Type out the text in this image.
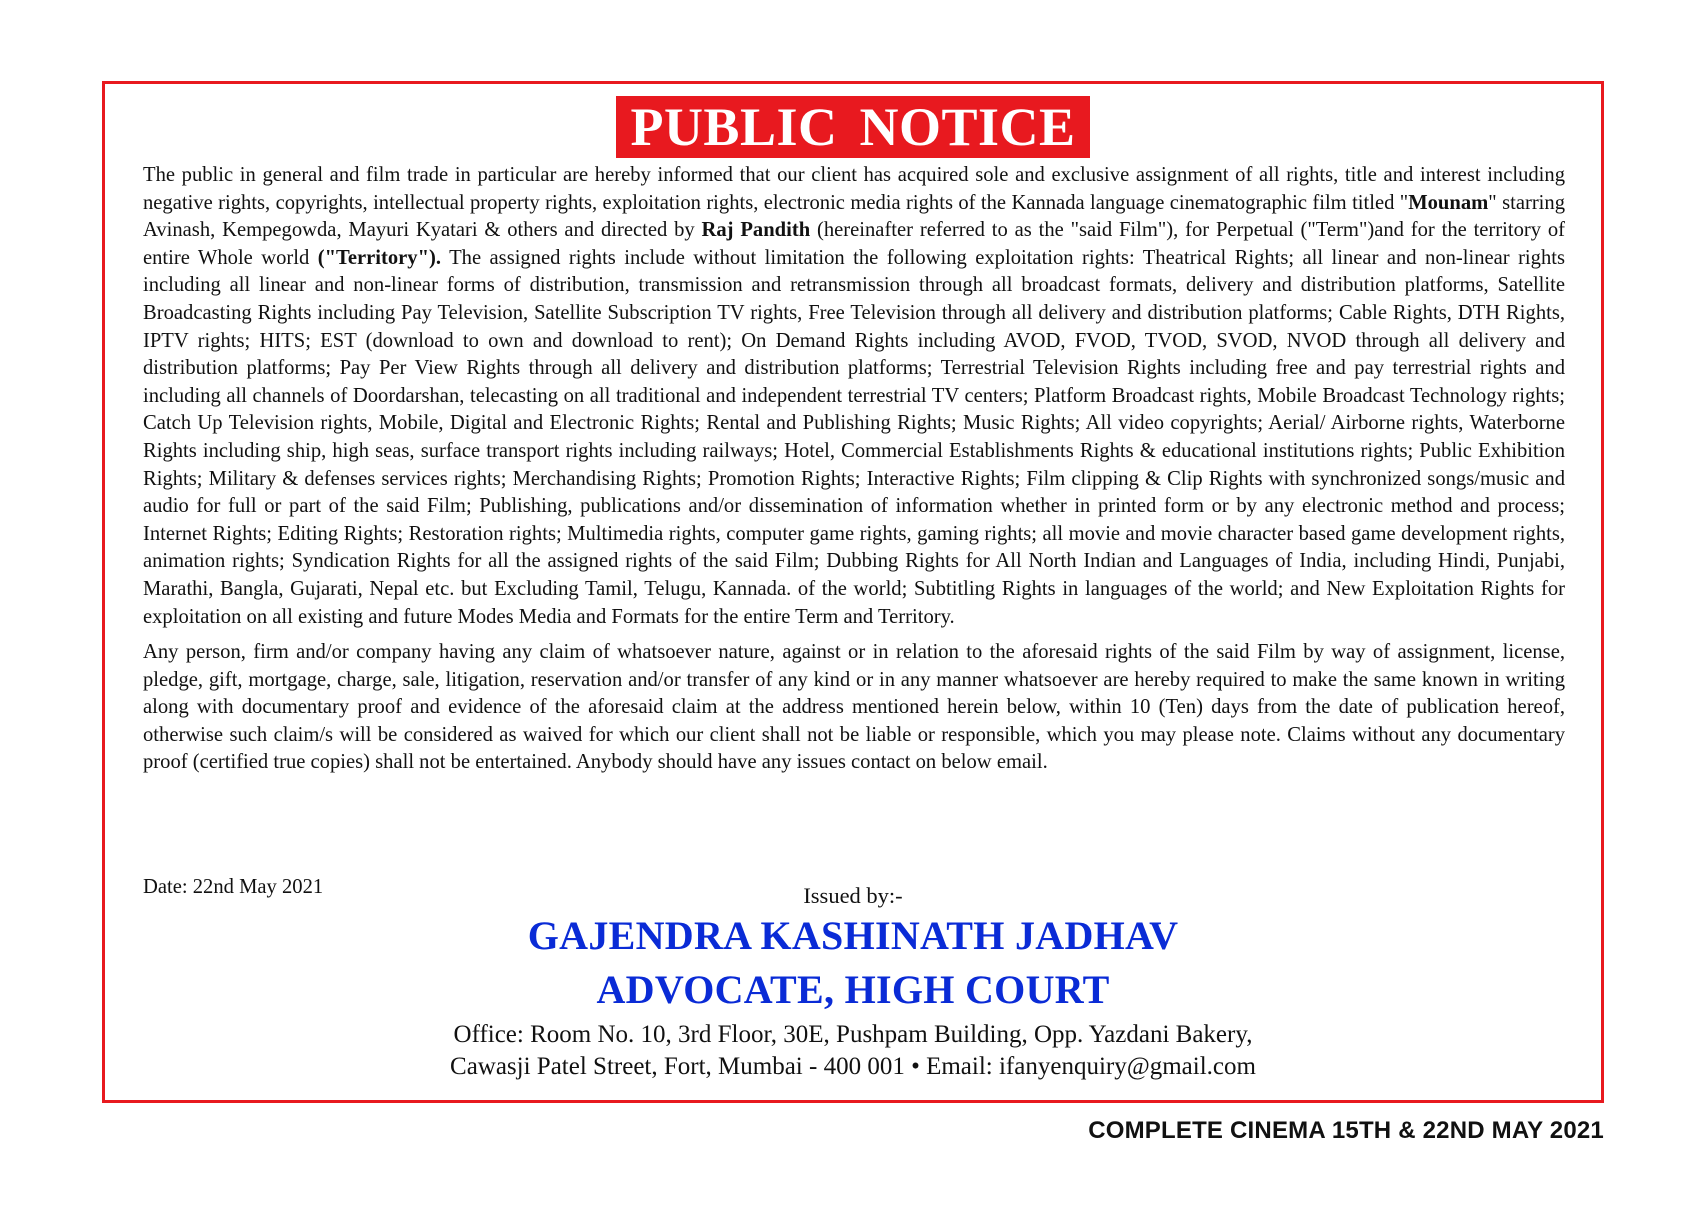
PUBLIC NOTICE

The public in general and film trade in particular are hereby informed that our client has acquired sole and exclusive assignment of all rights, title and interest including negative rights, copyrights, intellectual property rights, exploitation rights, electronic media rights of the Kannada language cinematographic film titled "Mounam" starring Avinash, Kempegowda, Mayuri Kyatari & others and directed by Raj Pandith (hereinafter referred to as the "said Film"), for Perpetual ("Term")and for the territory of entire Whole world ("Territory"). The assigned rights include without limitation the following exploitation rights: Theatrical Rights; all linear and non-linear rights including all linear and non-linear forms of distribution, transmission and retransmission through all broadcast formats, delivery and distribution platforms, Satellite Broadcasting Rights including Pay Television, Satellite Subscription TV rights, Free Television through all delivery and distribution platforms; Cable Rights, DTH Rights, IPTV rights; HITS; EST (download to own and download to rent); On Demand Rights including AVOD, FVOD, TVOD, SVOD, NVOD through all delivery and distribution platforms; Pay Per View Rights through all delivery and distribution platforms; Terrestrial Television Rights including free and pay terrestrial rights and including all channels of Doordarshan, telecasting on all traditional and independent terrestrial TV centers; Platform Broadcast rights, Mobile Broadcast Technology rights; Catch Up Television rights, Mobile, Digital and Electronic Rights; Rental and Publishing Rights; Music Rights; All video copyrights; Aerial/ Airborne rights, Waterborne Rights including ship, high seas, surface transport rights including railways; Hotel, Commercial Establishments Rights & educational institutions rights; Public Exhibition Rights; Military & defenses services rights; Merchandising Rights; Promotion Rights; Interactive Rights; Film clipping & Clip Rights with synchronized songs/music and audio for full or part of the said Film; Publishing, publications and/or dissemination of information whether in printed form or by any electronic method and process; Internet Rights; Editing Rights; Restoration rights; Multimedia rights, computer game rights, gaming rights; all movie and movie character based game development rights, animation rights; Syndication Rights for all the assigned rights of the said Film; Dubbing Rights for All North Indian and Languages of India, including Hindi, Punjabi, Marathi, Bangla, Gujarati, Nepal etc. but Excluding Tamil, Telugu, Kannada. of the world; Subtitling Rights in languages of the world; and New Exploitation Rights for exploitation on all existing and future Modes Media and Formats for the entire Term and Territory.

Any person, firm and/or company having any claim of whatsoever nature, against or in relation to the aforesaid rights of the said Film by way of assignment, license, pledge, gift, mortgage, charge, sale, litigation, reservation and/or transfer of any kind or in any manner whatsoever are hereby required to make the same known in writing along with documentary proof and evidence of the aforesaid claim at the address mentioned herein below, within 10 (Ten) days from the date of publication hereof, otherwise such claim/s will be considered as waived for which our client shall not be liable or responsible, which you may please note. Claims without any documentary proof (certified true copies) shall not be entertained. Anybody should have any issues contact on below email.

Date: 22nd May 2021	Issued by:-
GAJENDRA KASHINATH JADHAV
ADVOCATE, HIGH COURT
Office: Room No. 10, 3rd Floor, 30E, Pushpam Building, Opp. Yazdani Bakery,
Cawasji Patel Street, Fort, Mumbai - 400 001 • Email: ifanyenquiry@gmail.com
COMPLETE CINEMA 15TH & 22ND MAY 2021
